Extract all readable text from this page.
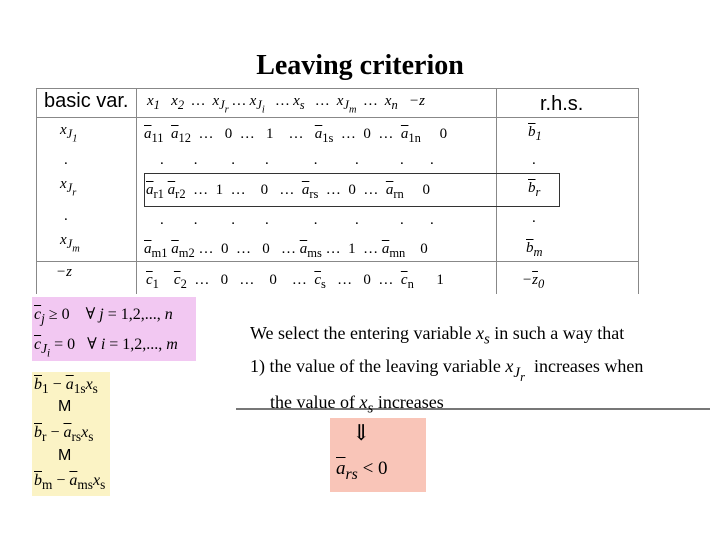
Leaving criterion
basic var. $x_1$ $x_2$  …  $x_{J_r}$ … $x_{J_i}$   … $x_s$   …  $x_{J_m}$  …  $x_n -z$	r.h.s.
$x_{J_1}$	$\overline{a}_{11}$ $\overline{a}_{12}$  …   0  …   1    …   $\overline{a}_{1s}$  …  0  …  $\overline{a}_{1n}$     0	$\overline{b}_1$
.	.        .         .        .            .          .           .       .	.
$x_{J_r}$	$\overline{a}_{r1}$ $\overline{a}_{r2}$  …  1  …    0   …  $\overline{a}_{rs}$  …  0  …  $\overline{a}_{rn}$     0	$\overline{b}_r$
.	.        .         .        .            .          .           .       .	.
$x_{J_m}$	$\overline{a}_{m1}$ $\overline{a}_{m2}$ …  0  …   0   … $\overline{a}_{ms}$ …  1  … $\overline{a}_{mn}$    0	$\overline{b}_m$
−z	$\overline{c}_1$ $\overline{c}_2$  …   0   …    0    …  $\overline{c}_s$   …   0  …  $\overline{c}_n$      1	$-\overline{z}_0$
$\overline{c}_j \ge 0$    ∀ j = 1,2,..., n
$\overline{c}_{J_i} = 0$   ∀ i = 1,2,..., m
$\overline{b}_1 - \overline{a}_{1s}x_s$
M
$\overline{b}_r - \overline{a}_{rs}x_s$
M
$\overline{b}_m - \overline{a}_{ms}x_s$
We select the entering variable $x_s$ in such a way that
1) the value of the leaving variable $x_{J_r}$  increases when
the value of $x_s$ increases
⇓
$\overline{a}_{rs} < 0$
